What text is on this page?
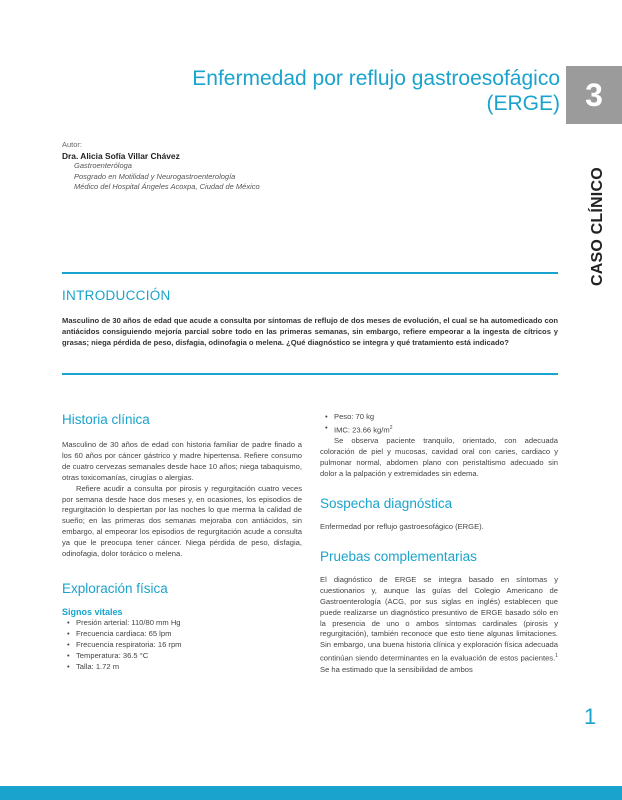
Enfermedad por reflujo gastroesofágico
(ERGE) 3
CASO CLÍNICO
Autor:
Dra. Alicia Sofía Villar Chávez
Gastroenteróloga
Posgrado en Motilidad y Neurogastroenterología
Médico del Hospital Ángeles Acoxpa, Ciudad de México
INTRODUCCIÓN
Masculino de 30 años de edad que acude a consulta por síntomas de reflujo de dos meses de evolución, el cual se ha automedicado con antiácidos consiguiendo mejoría parcial sobre todo en las primeras semanas, sin embargo, refiere empeorar a la ingesta de cítricos y grasas; niega pérdida de peso, disfagia, odinofagia o melena. ¿Qué diagnóstico se integra y qué tratamiento está indicado?
Historia clínica

Masculino de 30 años de edad con historia familiar de padre finado a los 60 años por cáncer gástrico y madre hipertensa. Refiere consumo de cuatro cervezas semanales desde hace 10 años; niega tabaquismo, otras toxicomanías, cirugías o alergias.

Refiere acudir a consulta por pirosis y regurgitación cuatro veces por semana desde hace dos meses y, en ocasiones, los episodios de regurgitación lo despiertan por las noches lo que merma la calidad de sueño; en las primeras dos semanas mejoraba con antiácidos, sin embargo, al empeorar los episodios de regurgitación acude a consulta ya que le preocupa tener cáncer. Niega pérdida de peso, disfagia, odinofagia, dolor torácico o melena.

Exploración física
Signos vitales
• Presión arterial: 110/80 mm Hg
• Frecuencia cardiaca: 65 lpm
• Frecuencia respiratoria: 16 rpm
• Temperatura: 36.5 °C
• Talla: 1.72 m
• Peso: 70 kg
• IMC: 23.66 $kg/m^2$

Se observa paciente tranquilo, orientado, con adecuada coloración de piel y mucosas, cavidad oral con caries, cardiaco y pulmonar normal, abdomen plano con peristaltismo adecuado sin dolor a la palpación y extremidades sin edema.

Sospecha diagnóstica

Enfermedad por reflujo gastroesofágico (ERGE).

Pruebas complementarias

El diagnóstico de ERGE se integra basado en síntomas y cuestionarios y, aunque las guías del Colegio Americano de Gastroenterología (ACG, por sus siglas en inglés) establecen que puede realizarse un diagnóstico presuntivo de ERGE basado sólo en la presencia de uno o ambos síntomas cardinales (pirosis y regurgitación), también reconoce que esto tiene algunas limitaciones. Sin embargo, una buena historia clínica y exploración física adecuada continúan siendo determinantes en la evaluación de estos pacientes.$^1$ Se ha estimado que la sensibilidad de ambos

1
